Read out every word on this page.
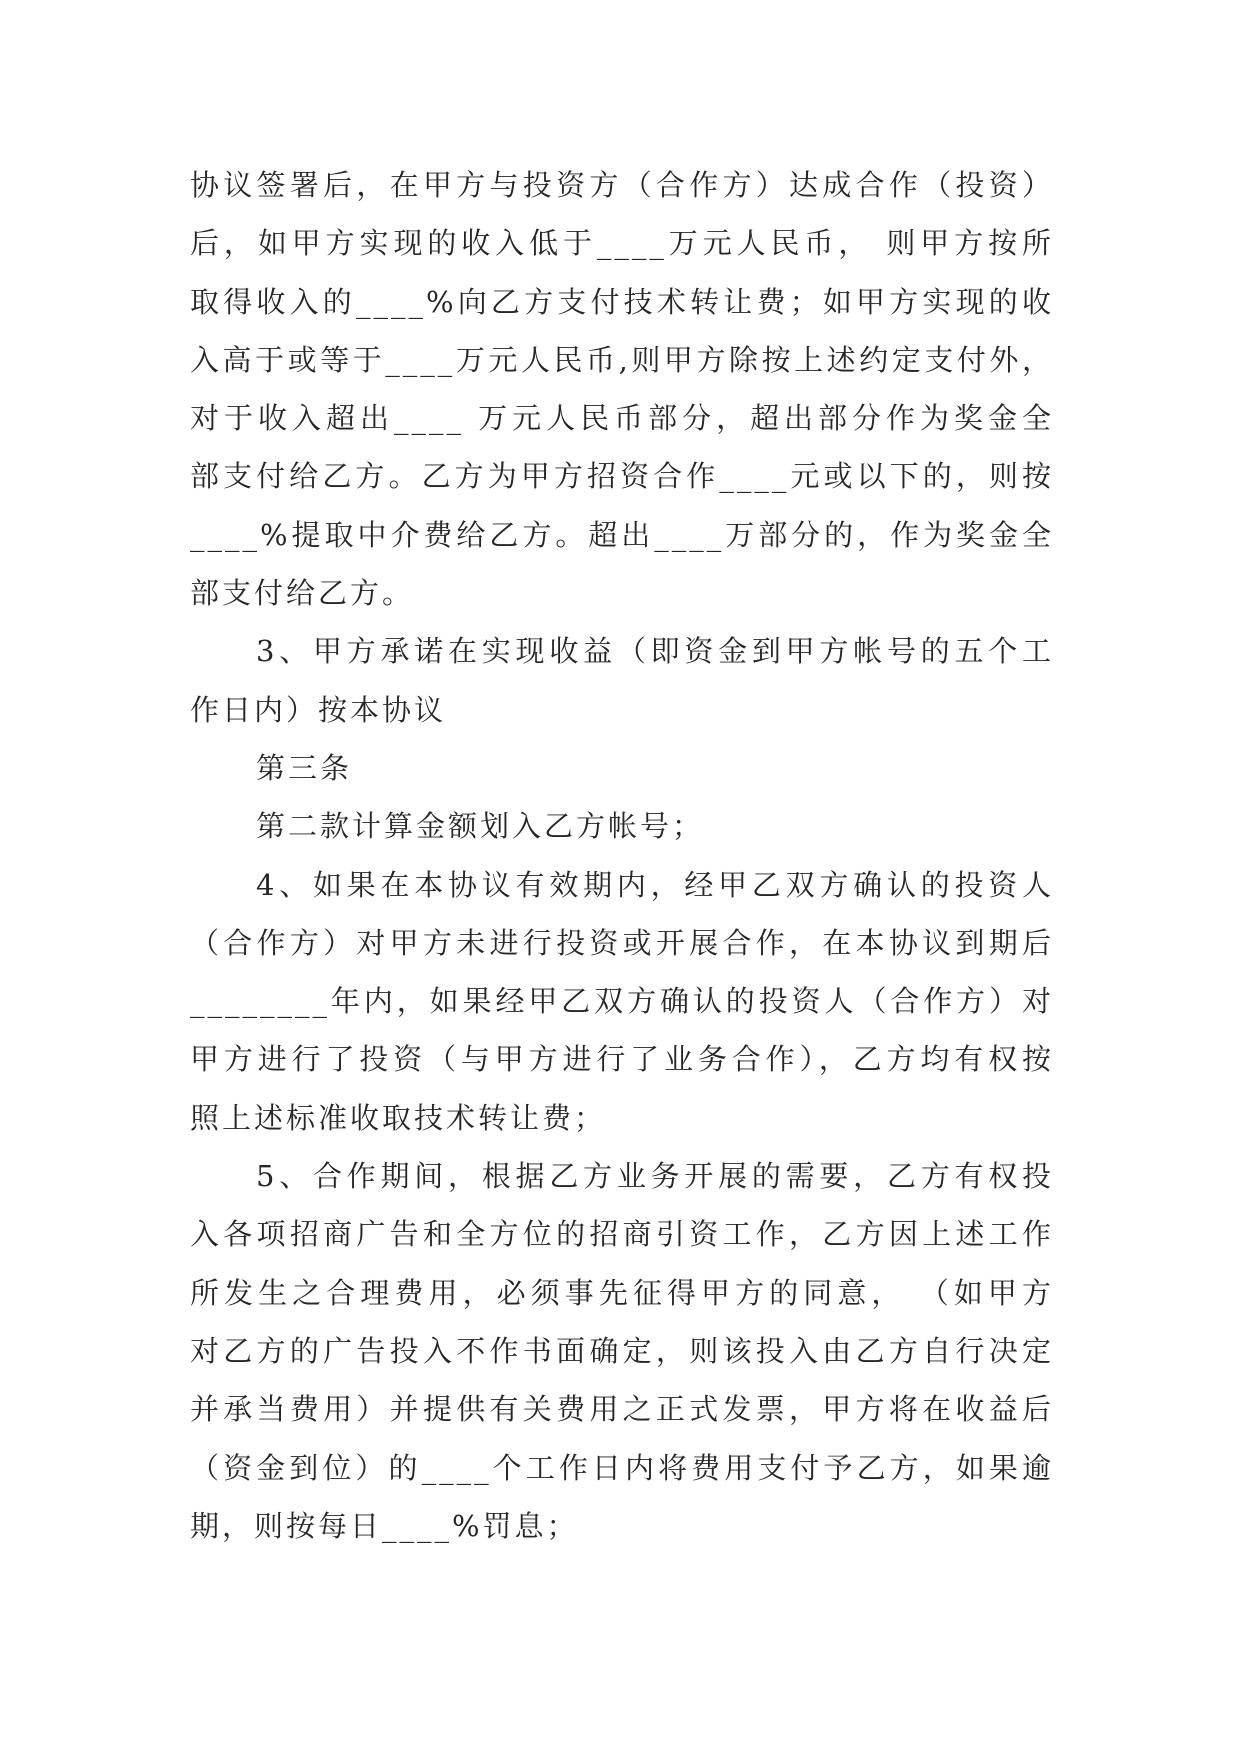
协议签署后，在甲方与投资方（合作方）达成合作（投资）
后，如甲方实现的收入低于____万元人民币， 则甲方按所
取得收入的____%向乙方支付技术转让费；如甲方实现的收
入高于或等于____万元人民币,则甲方除按上述约定支付外，
对于收入超出____ 万元人民币部分，超出部分作为奖金全
部支付给乙方。乙方为甲方招资合作____元或以下的，则按
____%提取中介费给乙方。超出____万部分的，作为奖金全
部支付给乙方。
3、甲方承诺在实现收益（即资金到甲方帐号的五个工
作日内）按本协议
第三条
第二款计算金额划入乙方帐号；
4、如果在本协议有效期内，经甲乙双方确认的投资人
（合作方）对甲方未进行投资或开展合作，在本协议到期后
________年内，如果经甲乙双方确认的投资人（合作方）对
甲方进行了投资（与甲方进行了业务合作），乙方均有权按
照上述标准收取技术转让费；
5、合作期间，根据乙方业务开展的需要，乙方有权投
入各项招商广告和全方位的招商引资工作，乙方因上述工作
所发生之合理费用，必须事先征得甲方的同意， （如甲方
对乙方的广告投入不作书面确定，则该投入由乙方自行决定
并承当费用）并提供有关费用之正式发票，甲方将在收益后
（资金到位）的____个工作日内将费用支付予乙方，如果逾
期，则按每日____%罚息；
